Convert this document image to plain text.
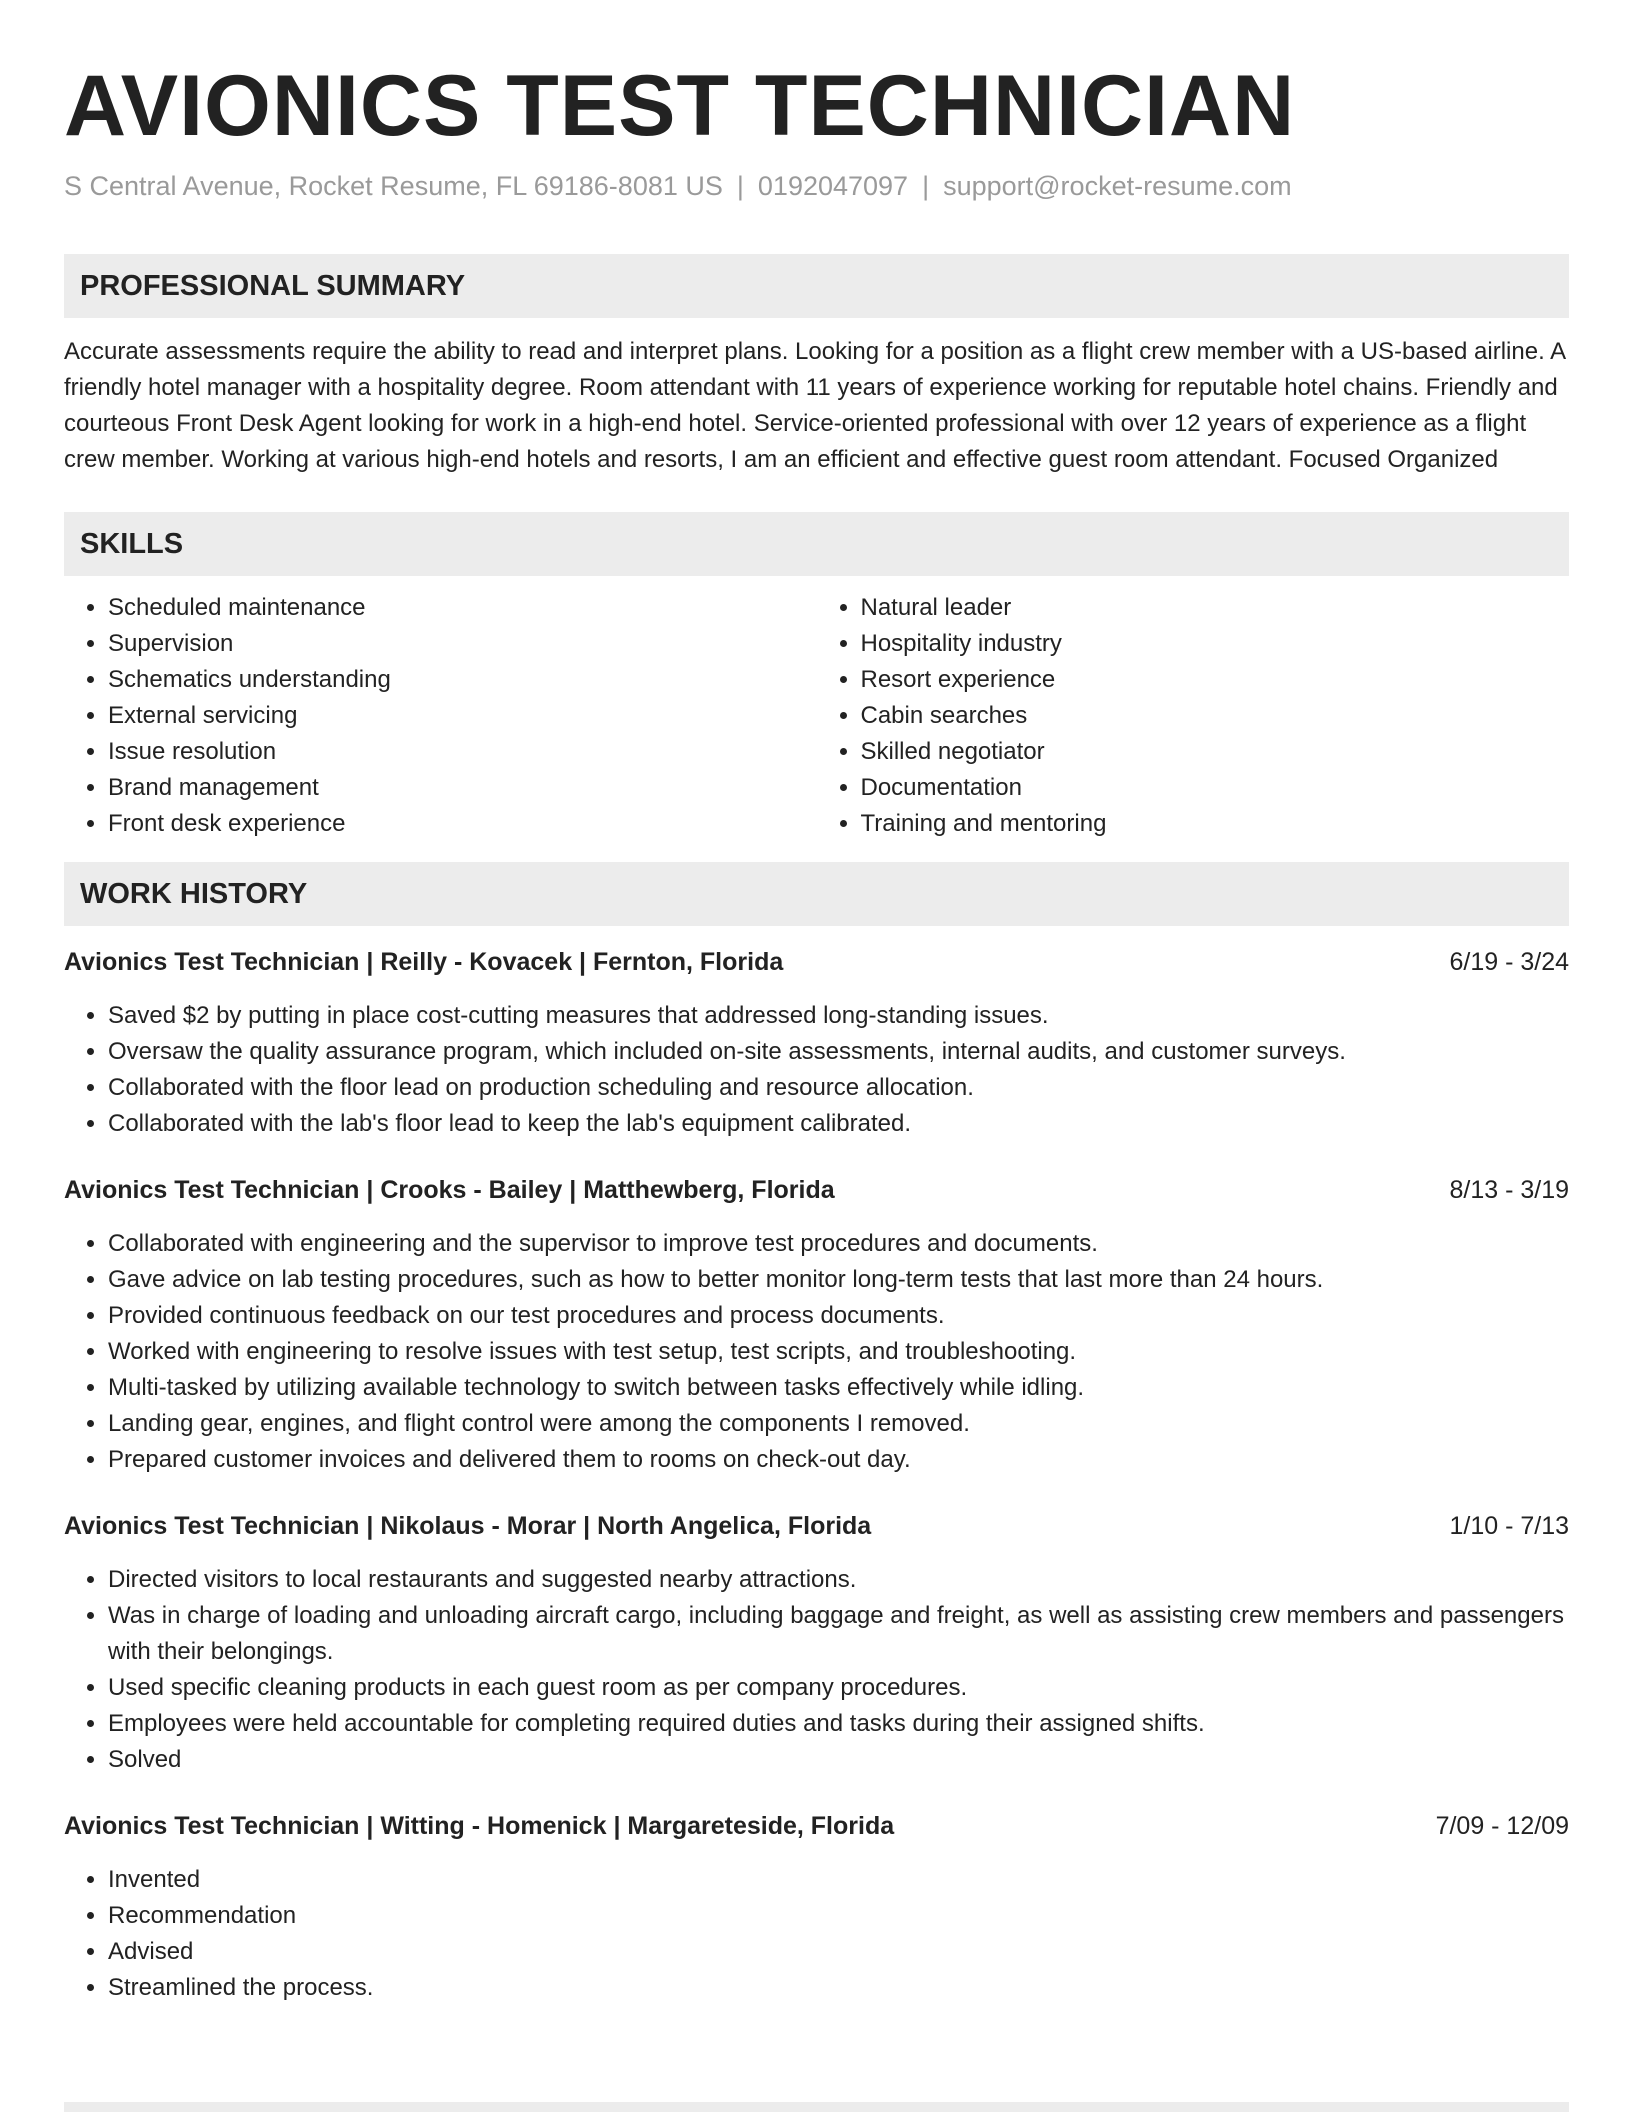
AVIONICS TEST TECHNICIAN
S Central Avenue, Rocket Resume, FL 69186-8081 US | 0192047097 | support@rocket-resume.com
PROFESSIONAL SUMMARY

Accurate assessments require the ability to read and interpret plans. Looking for a position as a flight crew member with a US-based airline. A friendly hotel manager with a hospitality degree. Room attendant with 11 years of experience working for reputable hotel chains. Friendly and courteous Front Desk Agent looking for work in a high-end hotel. Service-oriented professional with over 12 years of experience as a flight crew member. Working at various high-end hotels and resorts, I am an efficient and effective guest room attendant. Focused Organized

SKILLS
• Scheduled maintenance
• Supervision
• Schematics understanding
• External servicing
• Issue resolution
• Brand management
• Front desk experience
• Natural leader
• Hospitality industry
• Resort experience
• Cabin searches
• Skilled negotiator
• Documentation
• Training and mentoring
WORK HISTORY
Avionics Test Technician | Reilly - Kovacek | Fernton, Florida	6/19 - 3/24
• Saved $2 by putting in place cost-cutting measures that addressed long-standing issues.
• Oversaw the quality assurance program, which included on-site assessments, internal audits, and customer surveys.
• Collaborated with the floor lead on production scheduling and resource allocation.
• Collaborated with the lab's floor lead to keep the lab's equipment calibrated.
Avionics Test Technician | Crooks - Bailey | Matthewberg, Florida	8/13 - 3/19
• Collaborated with engineering and the supervisor to improve test procedures and documents.
• Gave advice on lab testing procedures, such as how to better monitor long-term tests that last more than 24 hours.
• Provided continuous feedback on our test procedures and process documents.
• Worked with engineering to resolve issues with test setup, test scripts, and troubleshooting.
• Multi-tasked by utilizing available technology to switch between tasks effectively while idling.
• Landing gear, engines, and flight control were among the components I removed.
• Prepared customer invoices and delivered them to rooms on check-out day.
Avionics Test Technician | Nikolaus - Morar | North Angelica, Florida	1/10 - 7/13
• Directed visitors to local restaurants and suggested nearby attractions.
• Was in charge of loading and unloading aircraft cargo, including baggage and freight, as well as assisting crew members and passengers with their belongings.
• Used specific cleaning products in each guest room as per company procedures.
• Employees were held accountable for completing required duties and tasks during their assigned shifts.
• Solved
Avionics Test Technician | Witting - Homenick | Margareteside, Florida	7/09 - 12/09
• Invented
• Recommendation
• Advised
• Streamlined the process.
